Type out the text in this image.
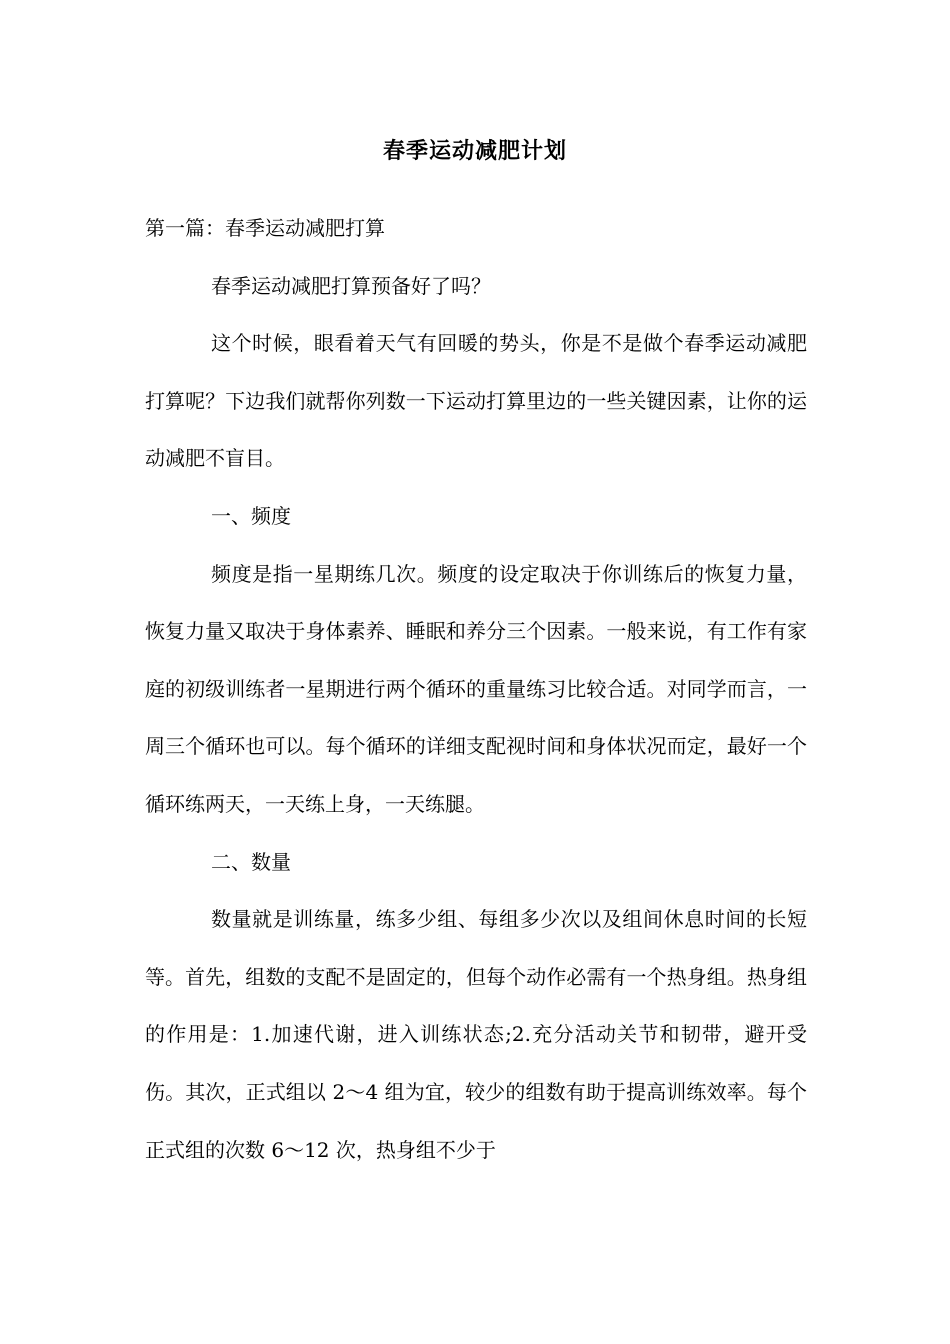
春季运动减肥计划

第一篇：春季运动减肥打算

春季运动减肥打算预备好了吗？

这个时候，眼看着天气有回暖的势头，你是不是做个春季运动减肥打算呢？下边我们就帮你列数一下运动打算里边的一些关键因素，让你的运动减肥不盲目。

一、频度

频度是指一星期练几次。频度的设定取决于你训练后的恢复力量，恢复力量又取决于身体素养、睡眠和养分三个因素。一般来说，有工作有家庭的初级训练者一星期进行两个循环的重量练习比较合适。对同学而言，一周三个循环也可以。每个循环的详细支配视时间和身体状况而定，最好一个循环练两天，一天练上身，一天练腿。

二、数量

数量就是训练量，练多少组、每组多少次以及组间休息时间的长短等。首先，组数的支配不是固定的，但每个动作必需有一个热身组。热身组的作用是：1.加速代谢，进入训练状态;2.充分活动关节和韧带，避开受伤。其次，正式组以 2～4 组为宜，较少的组数有助于提高训练效率。每个正式组的次数 6～12 次，热身组不少于
